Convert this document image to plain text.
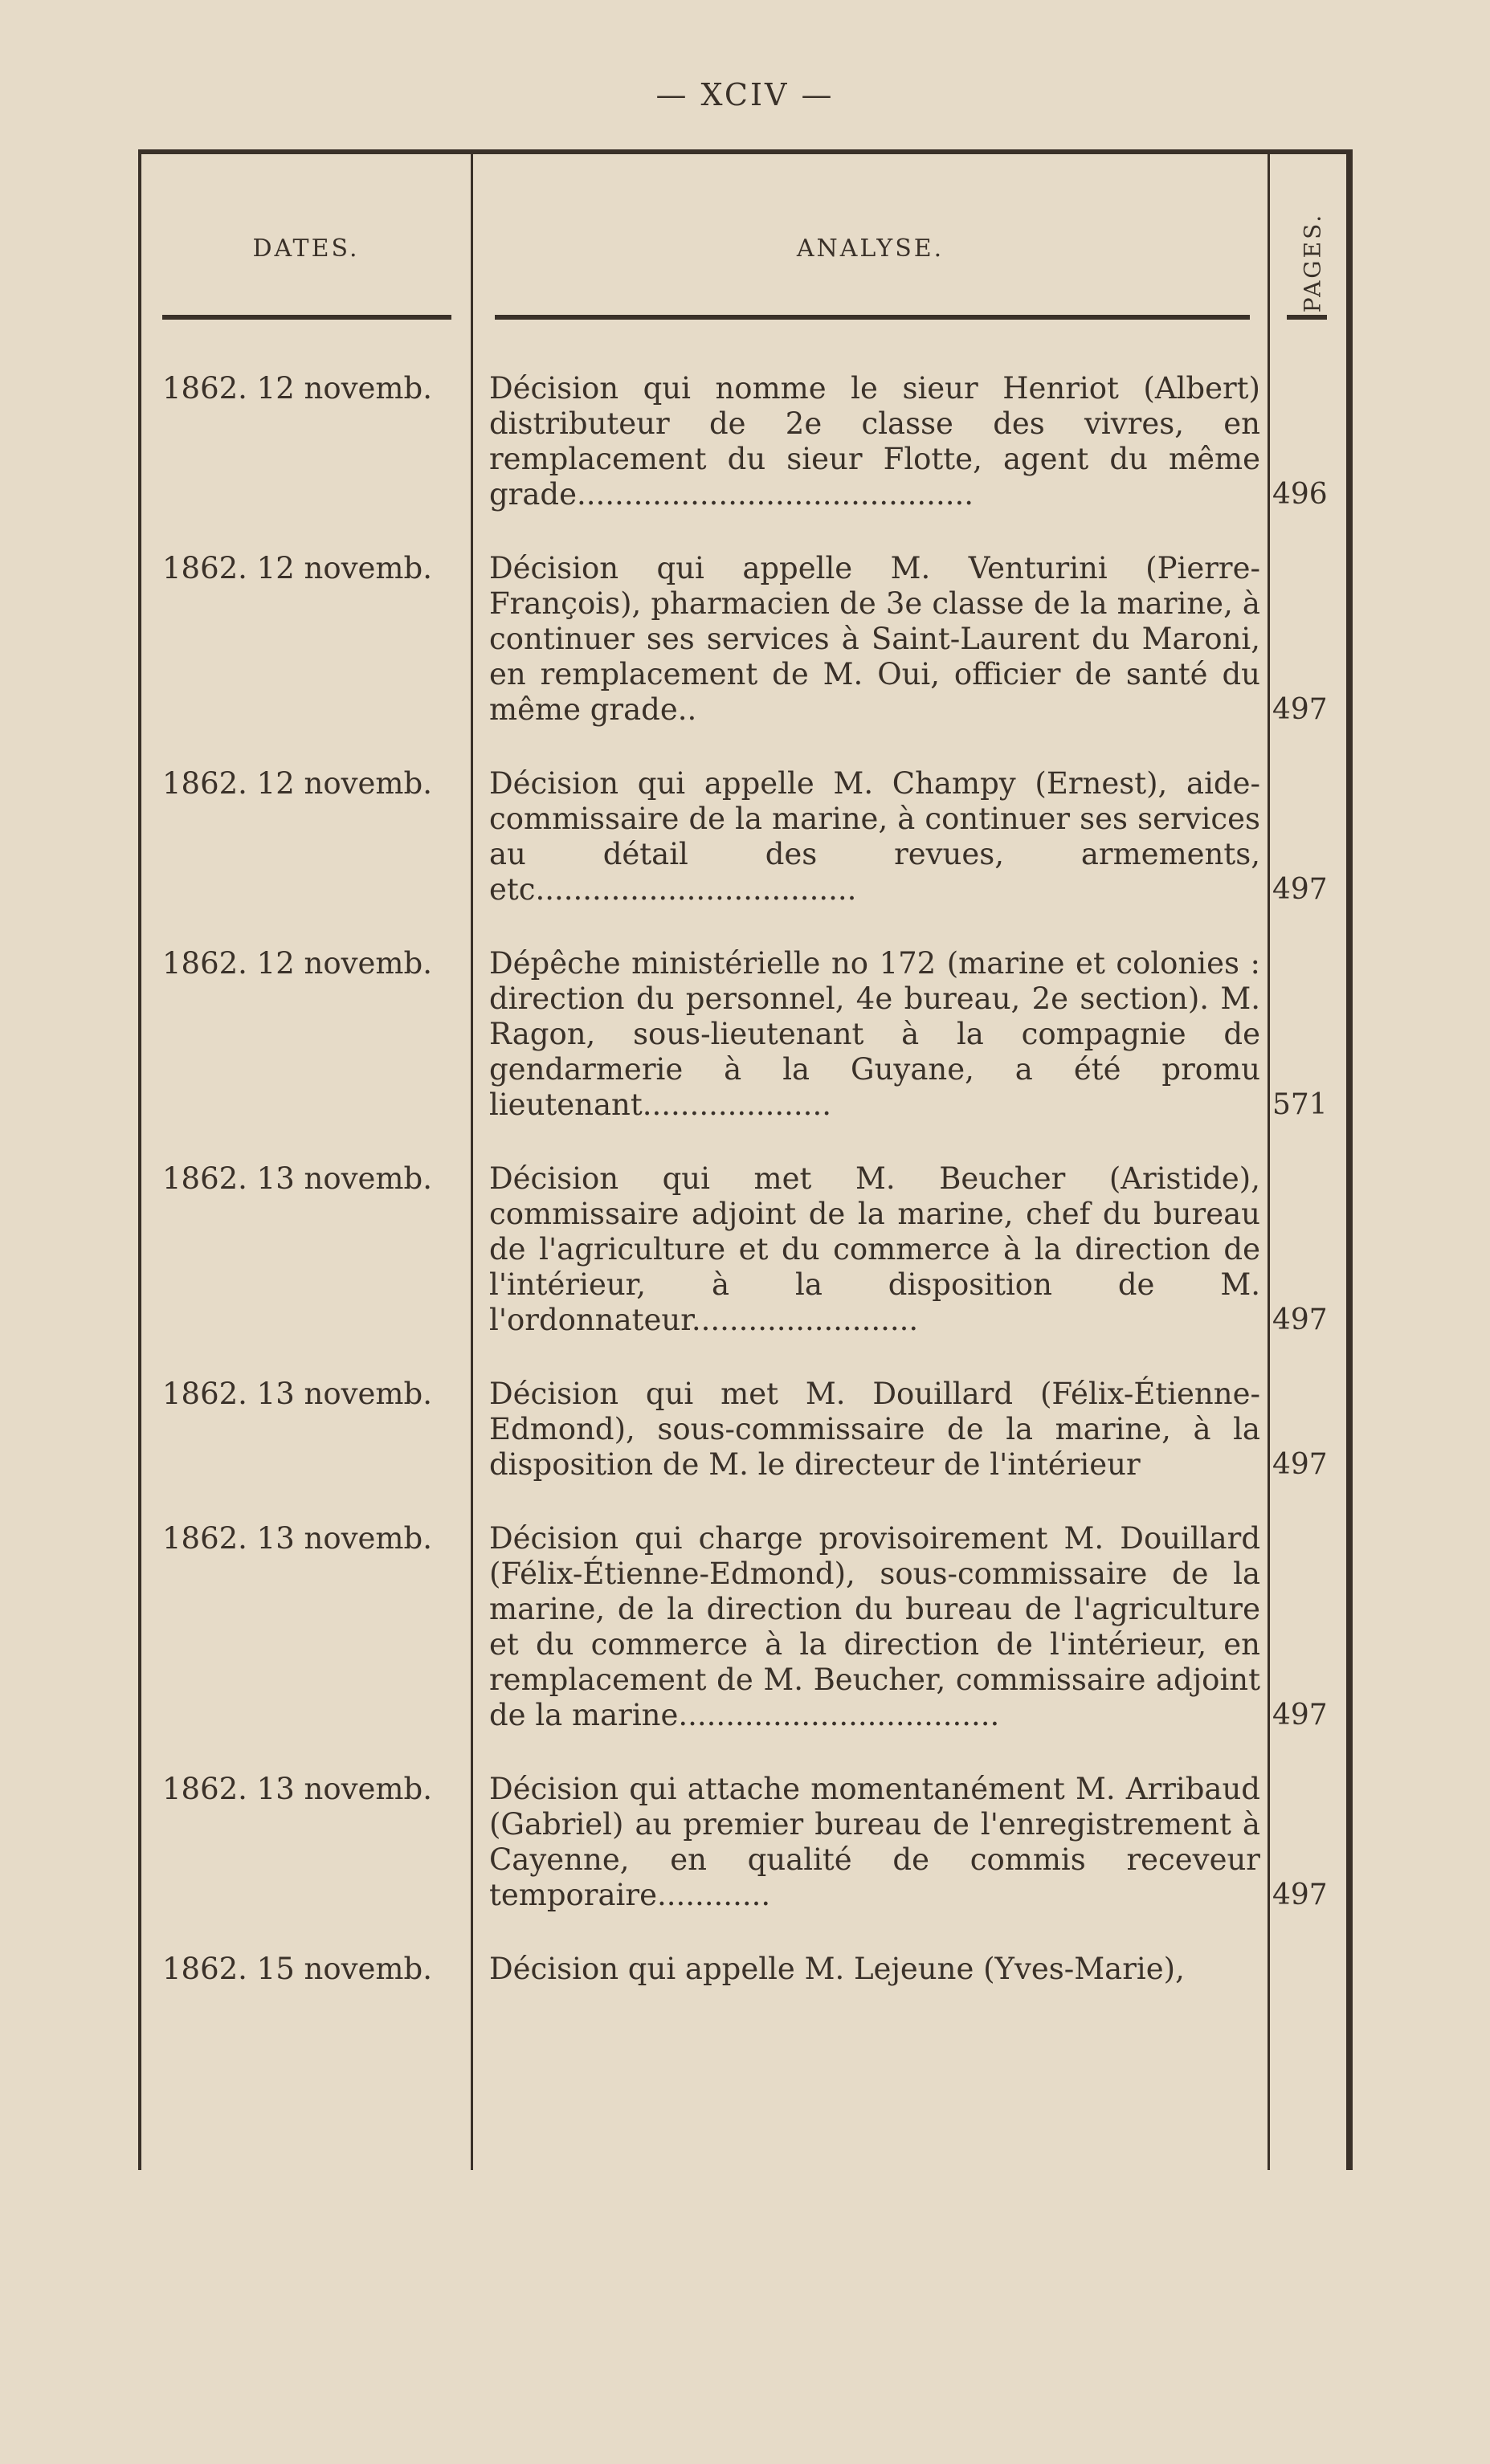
— XCIV —
DATES.	ANALYSE.	PAGES.
1862. 12 novemb.	Décision qui nomme le sieur Henriot (Albert) distributeur de 2e classe des vivres, en remplacement du sieur Flotte, agent du même grade..........................................	496
1862. 12 novemb.	Décision qui appelle M. Venturini (Pierre-François), pharmacien de 3e classe de la marine, à continuer ses services à Saint-Laurent du Maroni, en remplacement de M. Oui, officier de santé du même grade..	497
1862. 12 novemb.	Décision qui appelle M. Champy (Ernest), aide-commissaire de la marine, à continuer ses services au détail des revues, armements, etc..................................	497
1862. 12 novemb.	Dépêche ministérielle no 172 (marine et colonies : direction du personnel, 4e bureau, 2e section). M. Ragon, sous-lieutenant à la compagnie de gendarmerie à la Guyane, a été promu lieutenant....................	571
1862. 13 novemb.	Décision qui met M. Beucher (Aristide), commissaire adjoint de la marine, chef du bureau de l'agriculture et du commerce à la direction de l'intérieur, à la disposition de M. l'ordonnateur........................	497
1862. 13 novemb.	Décision qui met M. Douillard (Félix-Étienne-Edmond), sous-commissaire de la marine, à la disposition de M. le directeur de l'intérieur	497
1862. 13 novemb.	Décision qui charge provisoirement M. Douillard (Félix-Étienne-Edmond), sous-commissaire de la marine, de la direction du bureau de l'agriculture et du commerce à la direction de l'intérieur, en remplacement de M. Beucher, commissaire adjoint de la marine..................................	497
1862. 13 novemb.	Décision qui attache momentanément M. Arribaud (Gabriel) au premier bureau de l'enregistrement à Cayenne, en qualité de commis receveur temporaire............	497
1862. 15 novemb.	Décision qui appelle M. Lejeune (Yves-Marie),
